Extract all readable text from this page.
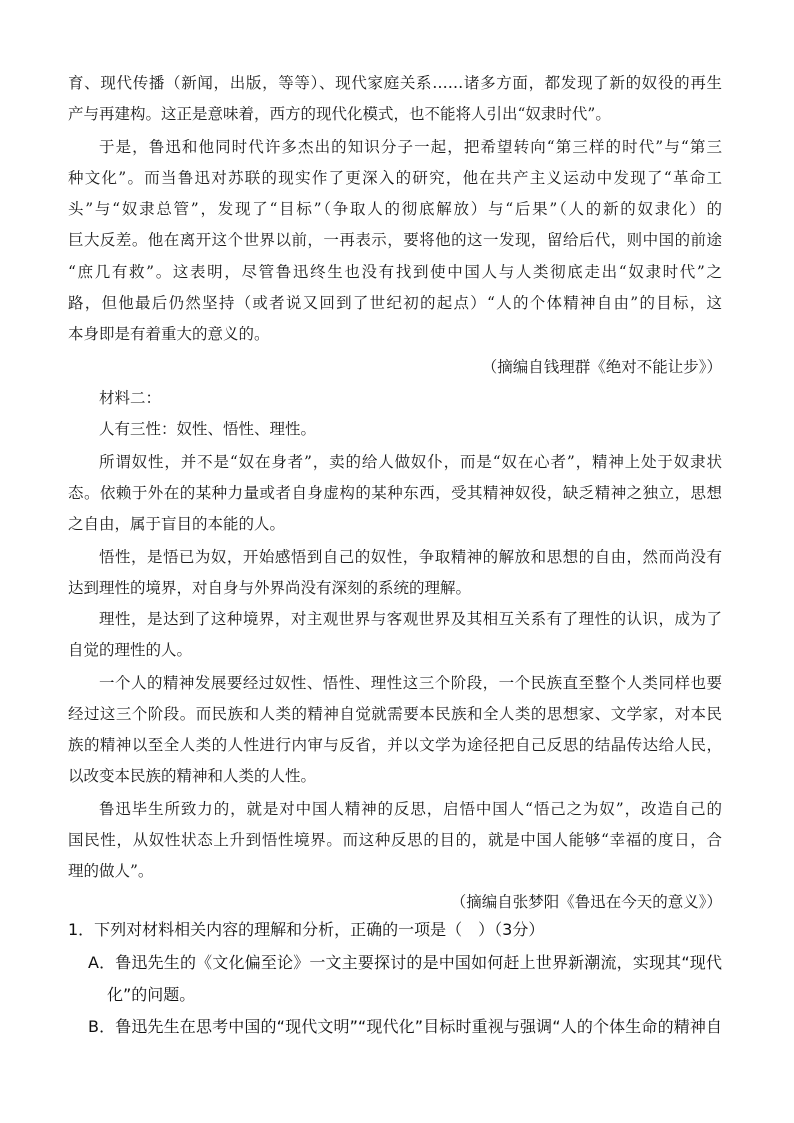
育、现代传播（新闻，出版，等等）、现代家庭关系……诸多方面，都发现了新的奴役的再生
产与再建构。这正是意味着，西方的现代化模式，也不能将人引出“奴隶时代”。
于是，鲁迅和他同时代许多杰出的知识分子一起，把希望转向“第三样的时代”与“第三
种文化”。而当鲁迅对苏联的现实作了更深入的研究，他在共产主义运动中发现了“革命工
头”与“奴隶总管”，发现了“目标”（争取人的彻底解放）与“后果”（人的新的奴隶化）的
巨大反差。他在离开这个世界以前，一再表示，要将他的这一发现，留给后代，则中国的前途
“庶几有救”。这表明，尽管鲁迅终生也没有找到使中国人与人类彻底走出“奴隶时代”之
路，但他最后仍然坚持（或者说又回到了世纪初的起点）“人的个体精神自由”的目标，这
本身即是有着重大的意义的。
（摘编自钱理群《绝对不能让步》）
材料二：
人有三性：奴性、悟性、理性。
所谓奴性，并不是“奴在身者”，卖的给人做奴仆，而是“奴在心者”，精神上处于奴隶状
态。依赖于外在的某种力量或者自身虚构的某种东西，受其精神奴役，缺乏精神之独立，思想
之自由，属于盲目的本能的人。
悟性，是悟已为奴，开始感悟到自己的奴性，争取精神的解放和思想的自由，然而尚没有
达到理性的境界，对自身与外界尚没有深刻的系统的理解。
理性，是达到了这种境界，对主观世界与客观世界及其相互关系有了理性的认识，成为了
自觉的理性的人。
一个人的精神发展要经过奴性、悟性、理性这三个阶段，一个民族直至整个人类同样也要
经过这三个阶段。而民族和人类的精神自觉就需要本民族和全人类的思想家、文学家，对本民
族的精神以至全人类的人性进行内审与反省，并以文学为途径把自己反思的结晶传达给人民，
以改变本民族的精神和人类的人性。
鲁迅毕生所致力的，就是对中国人精神的反思，启悟中国人“悟己之为奴”，改造自己的
国民性，从奴性状态上升到悟性境界。而这种反思的目的，就是中国人能够“幸福的度日，合
理的做人”。
（摘编自张梦阳《鲁迅在今天的意义》）
1．下列对材料相关内容的理解和分析，正确的一项是（　）（3分）
A．鲁迅先生的《文化偏至论》一文主要探讨的是中国如何赶上世界新潮流，实现其“现代
化”的问题。
B．鲁迅先生在思考中国的“现代文明”“现代化”目标时重视与强调“人的个体生命的精神自
